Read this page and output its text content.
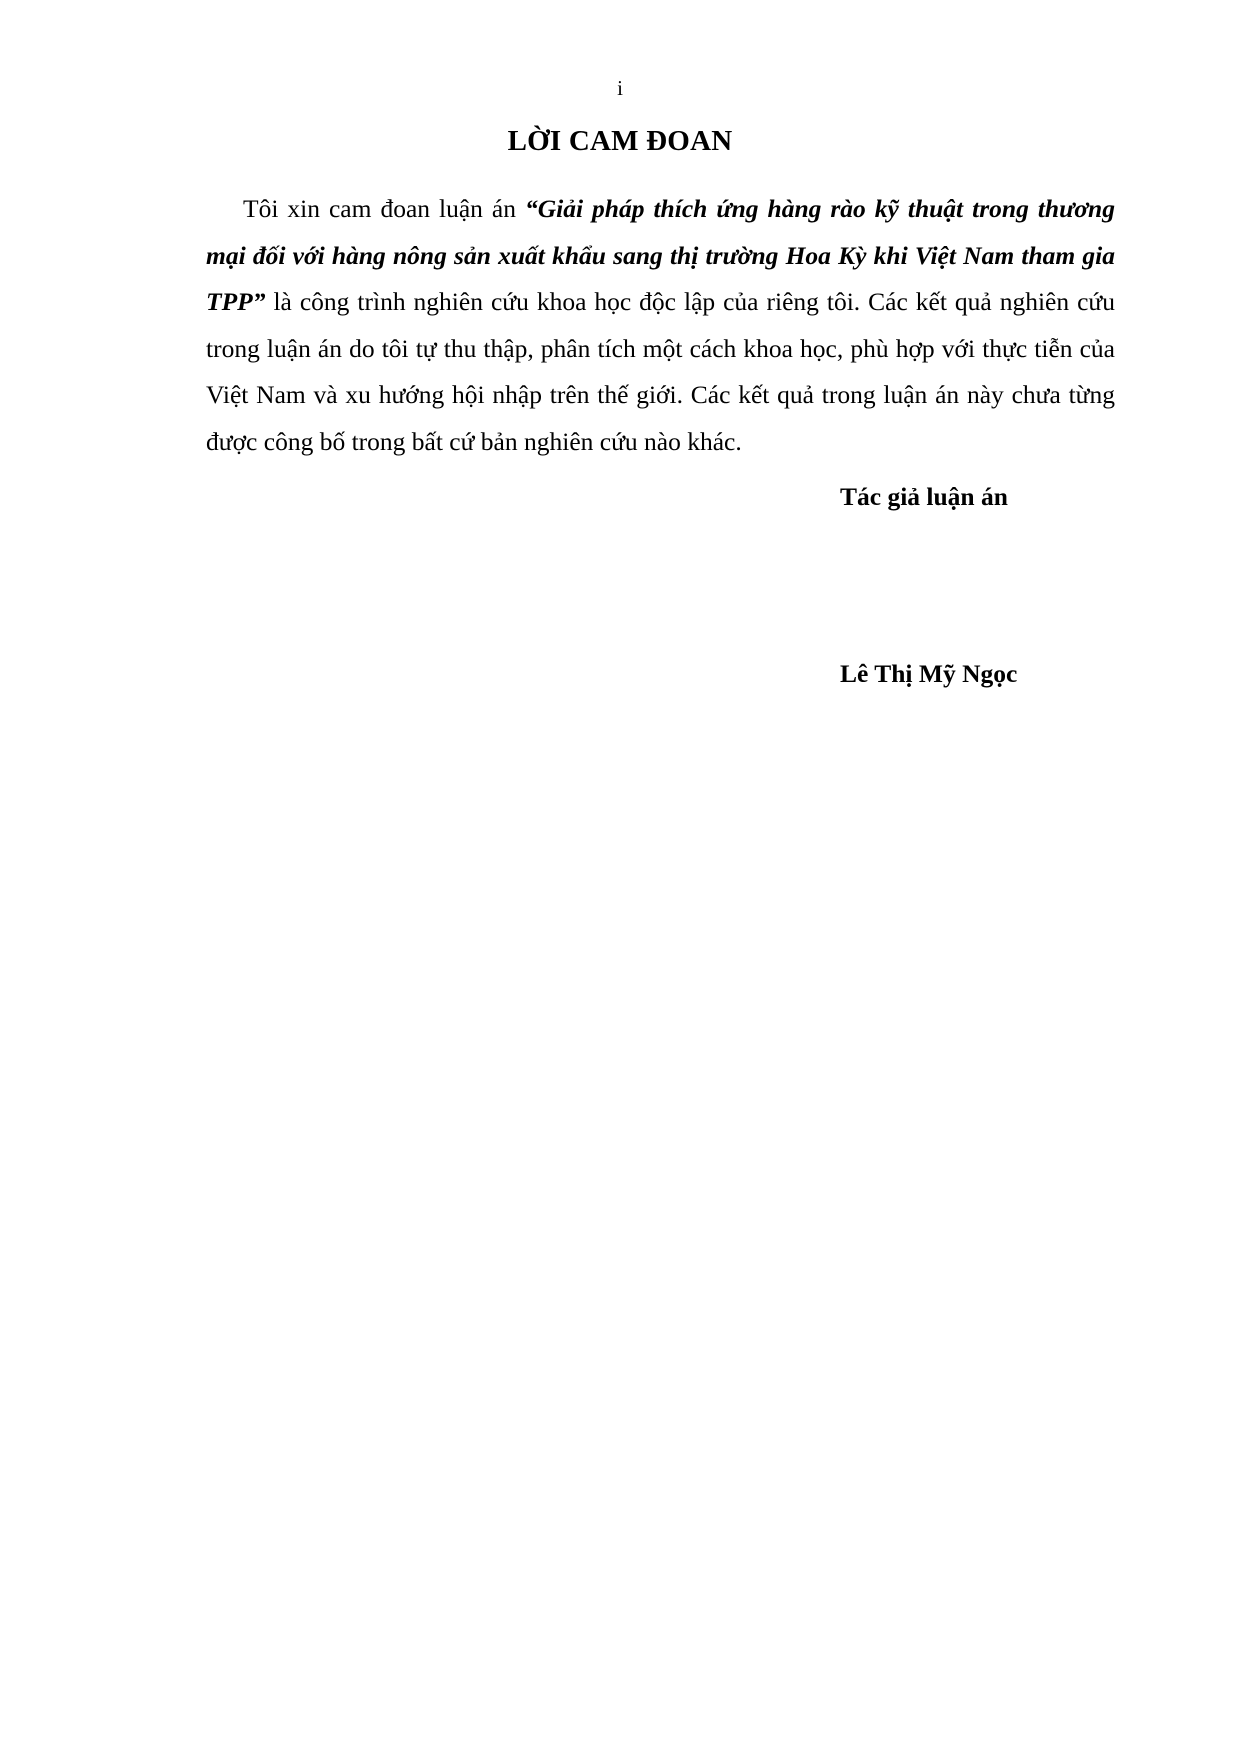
i
LỜI CAM ĐOAN

Tôi xin cam đoan luận án “Giải pháp thích ứng hàng rào kỹ thuật trong thương mại đối với hàng nông sản xuất khẩu sang thị trường Hoa Kỳ khi Việt Nam tham gia TPP” là công trình nghiên cứu khoa học độc lập của riêng tôi. Các kết quả nghiên cứu trong luận án do tôi tự thu thập, phân tích một cách khoa học, phù hợp với thực tiễn của Việt Nam và xu hướng hội nhập trên thế giới. Các kết quả trong luận án này chưa từng được công bố trong bất cứ bản nghiên cứu nào khác.

Tác giả luận án
Lê Thị Mỹ Ngọc
